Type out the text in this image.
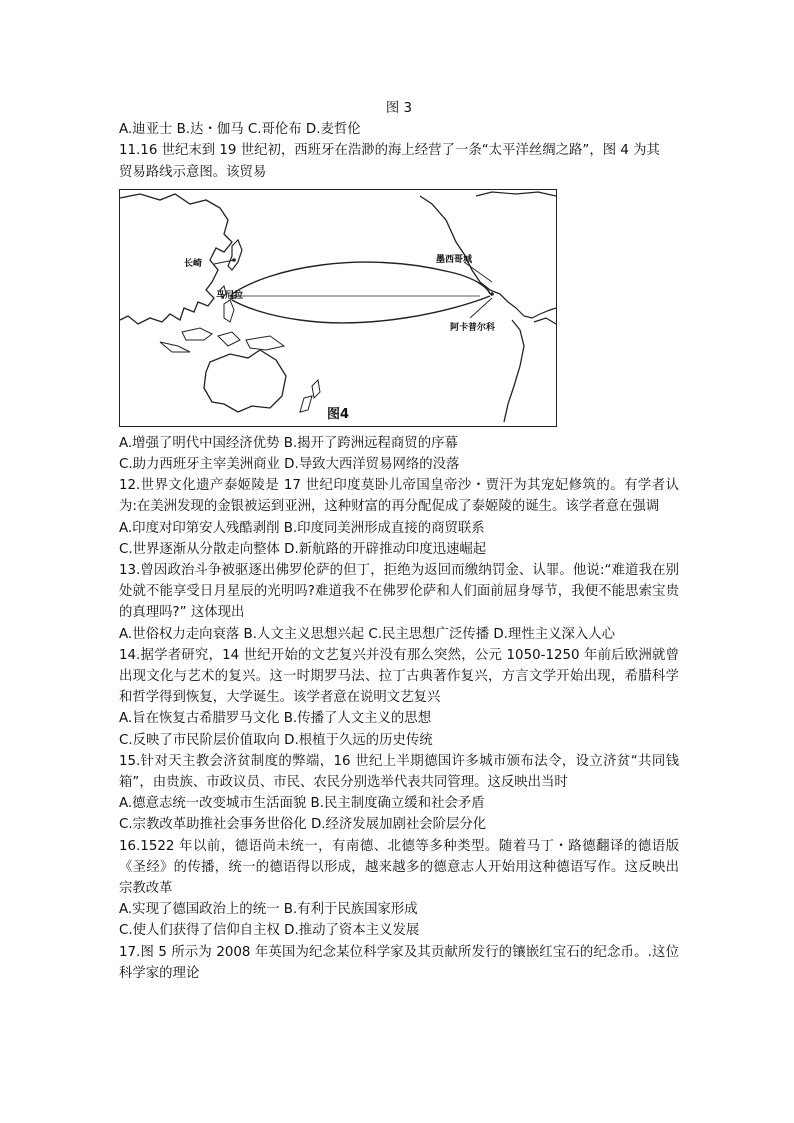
图 3
A.迪亚士 B.达・伽马 C.哥伦布 D.麦哲伦
11.16 世纪末到 19 世纪初，西班牙在浩渺的海上经营了一条“太平洋丝绸之路”，图 4 为其
贸易路线示意图。该贸易
长崎
马尼拉
墨西哥城
阿卡普尔科
图4
A.增强了明代中国经济优势 B.揭开了跨洲远程商贸的序幕
C.助力西班牙主宰美洲商业 D.导致大西洋贸易网络的没落
12.世界文化遗产泰姬陵是 17 世纪印度莫卧儿帝国皇帝沙・贾汗为其宠妃修筑的。有学者认为:在美洲发现的金银被运到亚洲，这种财富的再分配促成了泰姬陵的诞生。该学者意在强调
A.印度对印第安人残酷剥削 B.印度同美洲形成直接的商贸联系
C.世界逐渐从分散走向整体 D.新航路的开辟推动印度迅速崛起
13.曾因政治斗争被驱逐出佛罗伦萨的但丁，拒绝为返回而缴纳罚金、认罪。他说:“难道我在别处就不能享受日月星辰的光明吗?难道我不在佛罗伦萨和人们面前屈身辱节，我便不能思索宝贵的真理吗?” 这体现出
A.世俗权力走向衰落 B.人文主义思想兴起 C.民主思想广泛传播 D.理性主义深入人心
14.据学者研究，14 世纪开始的文艺复兴并没有那么突然，公元 1050-1250 年前后欧洲就曾出现文化与艺术的复兴。这一时期罗马法、拉丁古典著作复兴，方言文学开始出现，希腊科学和哲学得到恢复，大学诞生。该学者意在说明文艺复兴
A.旨在恢复古希腊罗马文化 B.传播了人文主义的思想
C.反映了市民阶层价值取向 D.根植于久远的历史传统
15.针对天主教会济贫制度的弊端，16 世纪上半期德国许多城市颁布法令，设立济贫“共同钱箱”，由贵族、市政议员、市民、农民分别选举代表共同管理。这反映出当时
A.德意志统一改变城市生活面貌 B.民主制度确立缓和社会矛盾
C.宗教改革助推社会事务世俗化 D.经济发展加剧社会阶层分化
16.1522 年以前，德语尚未统一，有南德、北德等多种类型。随着马丁・路德翻译的德语版《圣经》的传播，统一的德语得以形成，越来越多的德意志人开始用这种德语写作。这反映出宗教改革
A.实现了德国政治上的统一 B.有利于民族国家形成
C.使人们获得了信仰自主权 D.推动了资本主义发展
17.图 5 所示为 2008 年英国为纪念某位科学家及其贡献所发行的镶嵌红宝石的纪念币。.这位科学家的理论
